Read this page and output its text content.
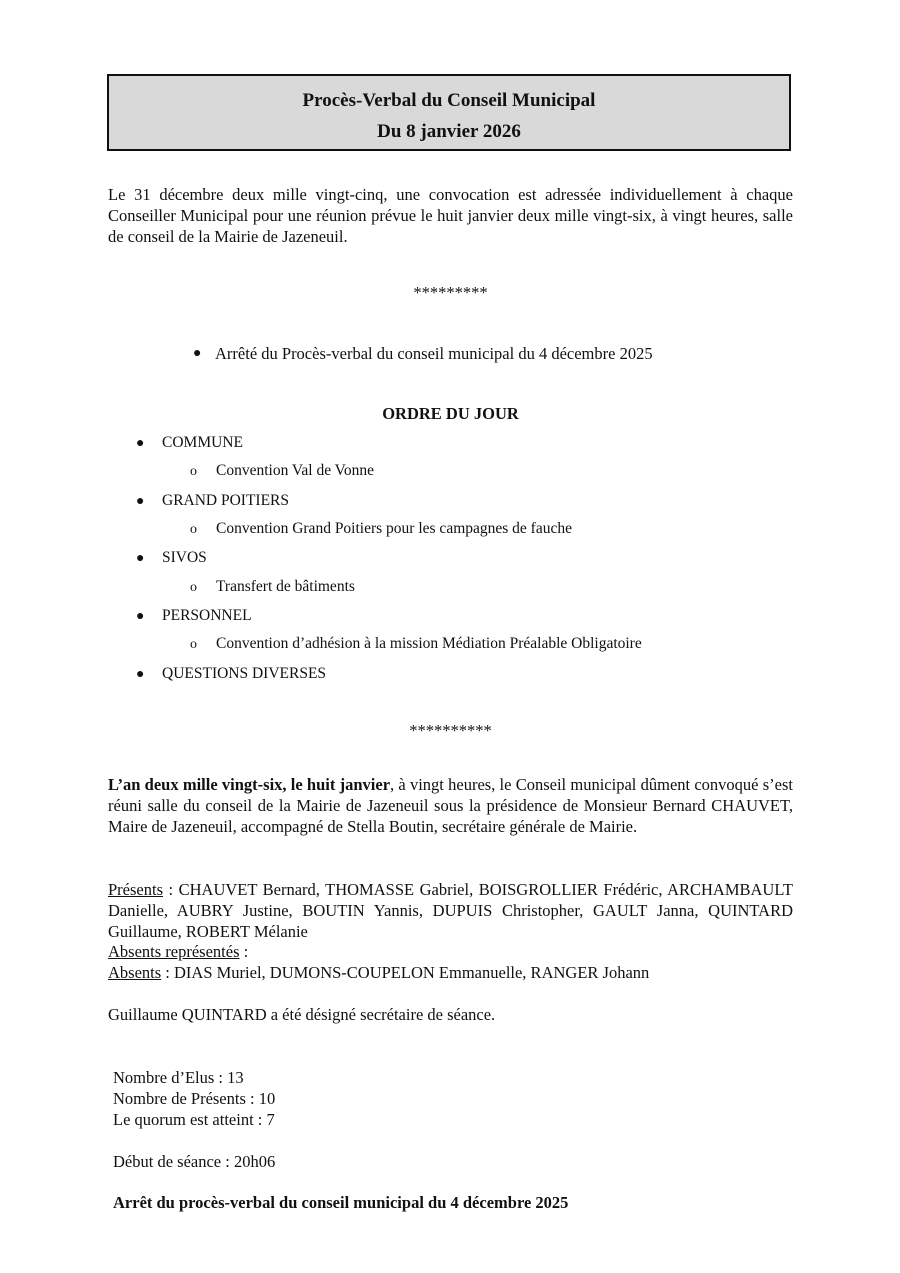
Procès-Verbal du Conseil Municipal
Du 8 janvier 2026
Le 31 décembre deux mille vingt-cinq, une convocation est adressée individuellement à chaque Conseiller Municipal pour une réunion prévue le huit janvier deux mille vingt-six, à vingt heures, salle de conseil de la Mairie de Jazeneuil.
*********
● Arrêté du Procès-verbal du conseil municipal du 4 décembre 2025
ORDRE DU JOUR
● COMMUNE
o Convention Val de Vonne
● GRAND POITIERS
o Convention Grand Poitiers pour les campagnes de fauche
● SIVOS
o Transfert de bâtiments
● PERSONNEL
o Convention d’adhésion à la mission Médiation Préalable Obligatoire
● QUESTIONS DIVERSES
**********
L’an deux mille vingt-six, le huit janvier, à vingt heures, le Conseil municipal dûment convoqué s’est réuni salle du conseil de la Mairie de Jazeneuil sous la présidence de Monsieur Bernard CHAUVET, Maire de Jazeneuil, accompagné de Stella Boutin, secrétaire générale de Mairie.
Présents : CHAUVET Bernard, THOMASSE Gabriel, BOISGROLLIER Frédéric, ARCHAMBAULT Danielle, AUBRY Justine, BOUTIN Yannis, DUPUIS Christopher, GAULT Janna, QUINTARD Guillaume, ROBERT Mélanie
Absents représentés :
Absents : DIAS Muriel, DUMONS-COUPELON Emmanuelle, RANGER Johann
Guillaume QUINTARD a été désigné secrétaire de séance.
Nombre d’Elus : 13
Nombre de Présents : 10
Le quorum est atteint : 7
Début de séance : 20h06
Arrêt du procès-verbal du conseil municipal du 4 décembre 2025
